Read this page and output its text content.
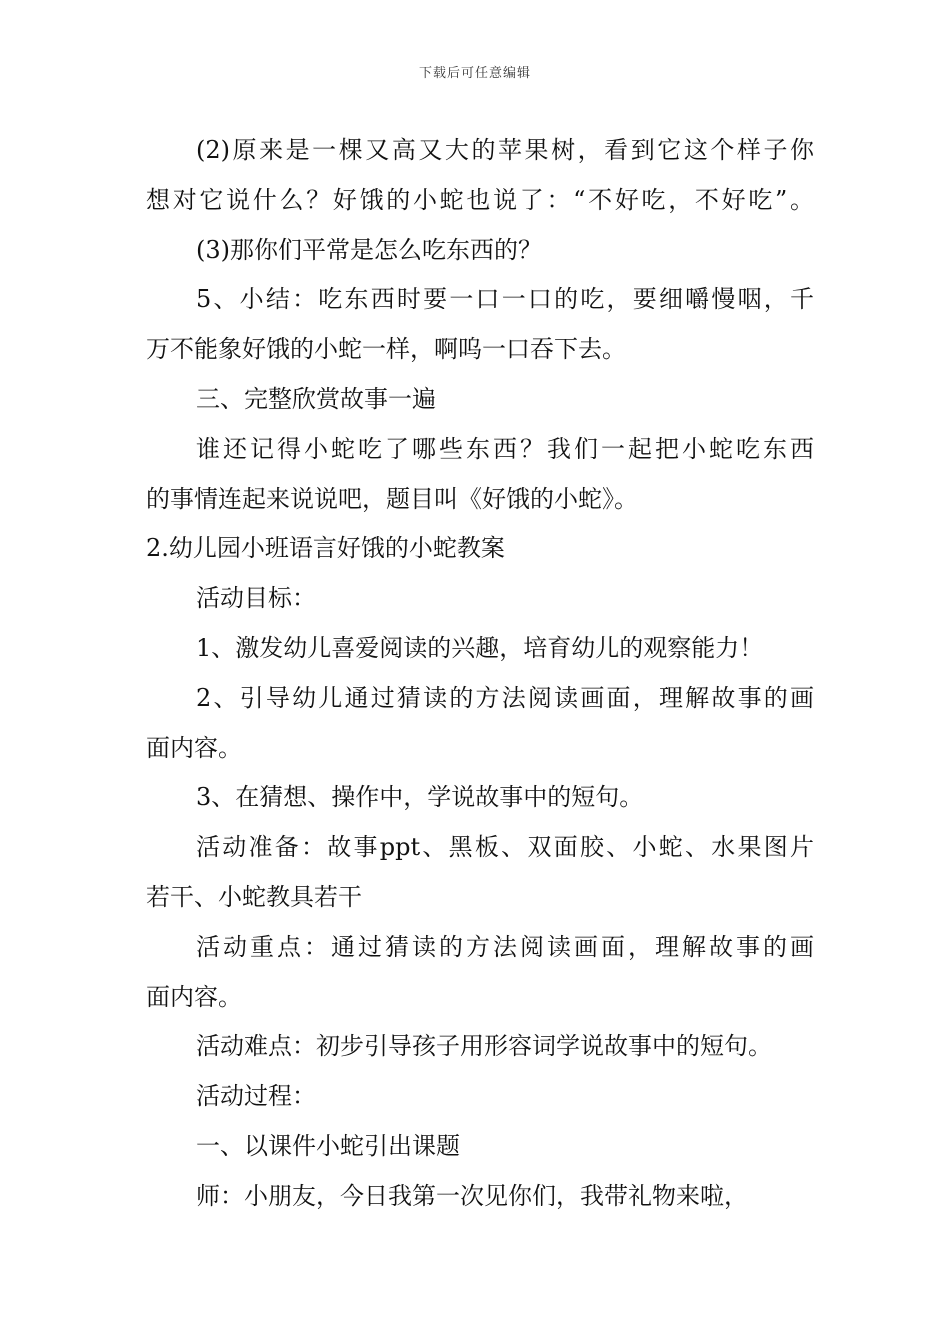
下载后可任意编辑

(2)原来是一棵又高又大的苹果树，看到它这个样子你

想对它说什么？好饿的小蛇也说了：“不好吃，不好吃”。

(3)那你们平常是怎么吃东西的？

5、小结：吃东西时要一口一口的吃，要细嚼慢咽，千

万不能象好饿的小蛇一样，啊呜一口吞下去。

三、完整欣赏故事一遍

谁还记得小蛇吃了哪些东西？我们一起把小蛇吃东西

的事情连起来说说吧，题目叫《好饿的小蛇》。

2.幼儿园小班语言好饿的小蛇教案

活动目标：

1、激发幼儿喜爱阅读的兴趣，培育幼儿的观察能力！

2、引导幼儿通过猜读的方法阅读画面，理解故事的画

面内容。

3、在猜想、操作中，学说故事中的短句。

活动准备：故事ppt、黑板、双面胶、小蛇、水果图片

若干、小蛇教具若干

活动重点：通过猜读的方法阅读画面，理解故事的画

面内容。

活动难点：初步引导孩子用形容词学说故事中的短句。

活动过程：

一、以课件小蛇引出课题

师：小朋友，今日我第一次见你们，我带礼物来啦，
